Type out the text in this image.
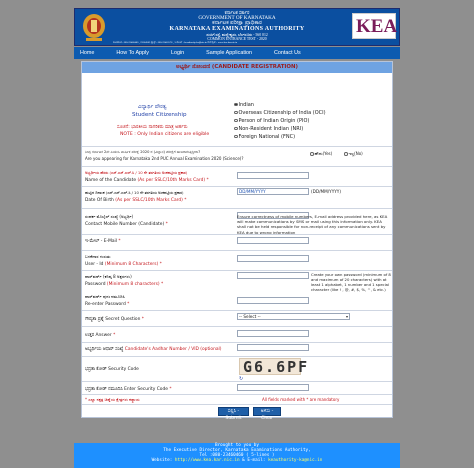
ಕರ್ನಾಟಕ ಸರ್ಕಾರ
GOVERNMENT OF KARNATAKA
ಕರ್ನಾಟಕ ಪರೀಕ್ಷಾ ಪ್ರಾಧಿಕಾರ
KARNATAKA EXAMINATIONS AUTHORITY
ಸಂಪಿಗೆ ರಸ್ತೆ, ಮಲ್ಲೇಶ್ವರಂ, ಬೆಂಗಳೂರು - 560 012
COMMON ENTRANCE TEST - 2020
ದೂರವಾಣಿ : 080-23460460 , 23564583 ಫ್ಯಾಕ್ಸ್ : 080-23461576 , ಇ-ಮೇಲ್ : keauthority-ka@nic.in ವೆಬ್‌ಸೈಟ್ : www.kea.kar.nic.in
KEA
Home	How To Apply	Login	Sample Application	Contact Us
ಅಭ್ಯರ್ಥಿ ನೋಂದಣಿ (CANDIDATE REGISTRATION)
ವಿದ್ಯಾರ್ಥಿ ಪೌರತ್ವ
Student Citizenship
ಸೂಚನೆ: ಭಾರತೀಯ ನಾಗರಿಕರು ಮಾತ್ರ ಅರ್ಹರು
NOTE : Only Indian citizens are eligible
Indian
Overseas Citizenship of India (OCI)
Person of Indian Origin (PIO)
Non-Resident Indian (NRI)
Foreign National (FNC)
ನೀವು ಕರ್ನಾಟಕ 2ನೇ ಪಿಯುಸಿ ವಾರ್ಷಿಕ ಪರೀಕ್ಷೆ 2020 ರ (ವಿಜ್ಞಾನ) ಪರೀಕ್ಷೆಗೆ ಹಾಜರಾಗುತ್ತಿದ್ದೀರಾ?
Are you appearing for Karnataka 2nd PUC Annual Examination 2020 (Science)?
ಹೌದು(Yes)	ಇಲ್ಲ(No)
ಅಭ್ಯರ್ಥಿಯ ಹೆಸರು (ಎಸ್.ಎಸ್.ಎಲ್.ಸಿ / 10 ನೇ ತರಗತಿಯ ಅಂಕಪಟ್ಟಿಯ ಪ್ರಕಾರ)
Name of the Candidate (As per SSLC/10th Marks Card) *
ಹುಟ್ಟಿದ ದಿನಾಂಕ (ಎಸ್.ಎಸ್.ಎಲ್.ಸಿ / 10 ನೇ ತರಗತಿಯ ಅಂಕಪಟ್ಟಿಯ ಪ್ರಕಾರ)
Date Of Birth (As per SSLC/10th Marks Card) *
DD/MM/YYYY	(DD/MM/YYYY)
ಸಂಪರ್ಕ ಮೊಬೈಲ್ ಸಂಖ್ಯೆ (ಅಭ್ಯರ್ಥಿ)
Contact Mobile Number (Candidate) *
Ensure correctness of mobile numbers, E-mail address provided here, as KEA will make communications by SMS or mail using this information only. KEA shall not be held responsible for non-receipt of any communications sent by KEA due to wrong information
ಇ-ಮೇಲ್ - E-Mail *
ಬಳಕೆದಾರ ಗುರುತು
User - Id (Minimum 8 Characters) *
ಪಾಸ್‌ವರ್ಡ್ (ಕನಿಷ್ಠ 8 ಅಕ್ಷರಗಳು)
Password (Minimum 8 characters) *
Create your own password (minimum of 8 and maximum of 20 characters) with at least 1 alphabet, 1 number and 1 special character (like ! , @, #, $, %, ^, & etc.)
ಪಾಸ್‌ವರ್ಡ್ ಪುನಃ ನಮೂದಿಸಿ
Re-enter Password *
ಗೌಪ್ಯತಾ ಪ್ರಶ್ನೆ Secret Question *
-- Select --	▾
ಉತ್ತರ Answer *
ಅಭ್ಯರ್ಥಿಯ ಆಧಾರ್ ಸಂಖ್ಯೆ Candidate's Aadhar Number / VID (optional)
ಭದ್ರತಾ ಕೋಡ್ Security Code	G6.6PF
↻
ಭದ್ರತಾ ಕೋಡ್ ನಮೂದಿಸಿ Enter Security Code *
* ಎಲ್ಲಾ ನಕ್ಷತ್ರ ಚಿಹ್ನೆಯ ಕ್ಷೇತ್ರಗಳು ಕಡ್ಡಾಯ	All fields marked with * are mandatory
ಸಲ್ಲಿಸಿ - Submit
ಅಳಿಸು - Clear
Brought to you by
The Executive Director, Karnataka Examinations Authority,
Tel :080-23460460 ( 5-lines )
Website: http://www.kea.kar.nic.in & E-mail: keauthority-ka@nic.in
